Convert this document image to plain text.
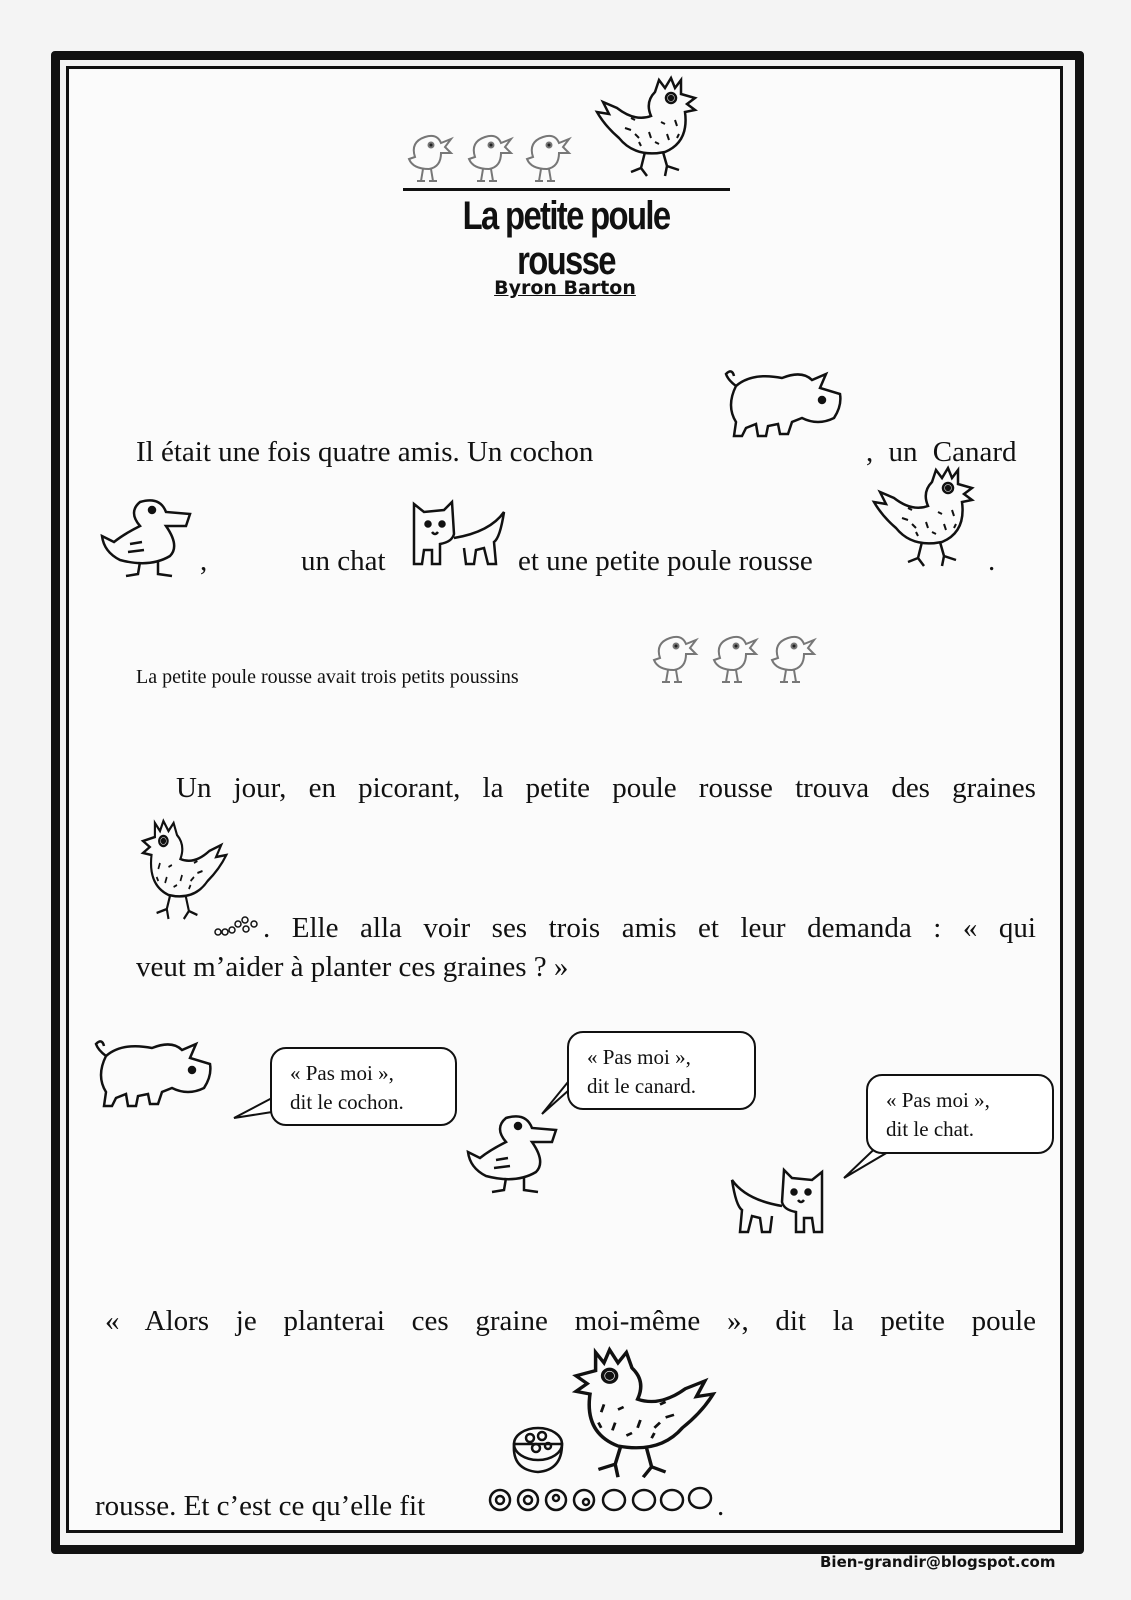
La petite poule rousse
Byron Barton
Il était une fois quatre amis. Un cochon	, un Canard
,	un chat	et une petite poule rousse	.
La petite poule rousse avait trois petits poussins
Un jour, en picorant, la petite poule rousse trouva des graines
. Elle alla voir ses trois amis et leur demanda : « qui
veut m’aider à planter ces graines ? »
« Pas moi »,
dit le cochon.
« Pas moi »,
dit le canard.
« Pas moi »,
dit le chat.
« Alors je planterai ces graine moi-même », dit la petite poule
rousse. Et c’est ce qu’elle fit	.
Bien-grandir@blogspot.com
